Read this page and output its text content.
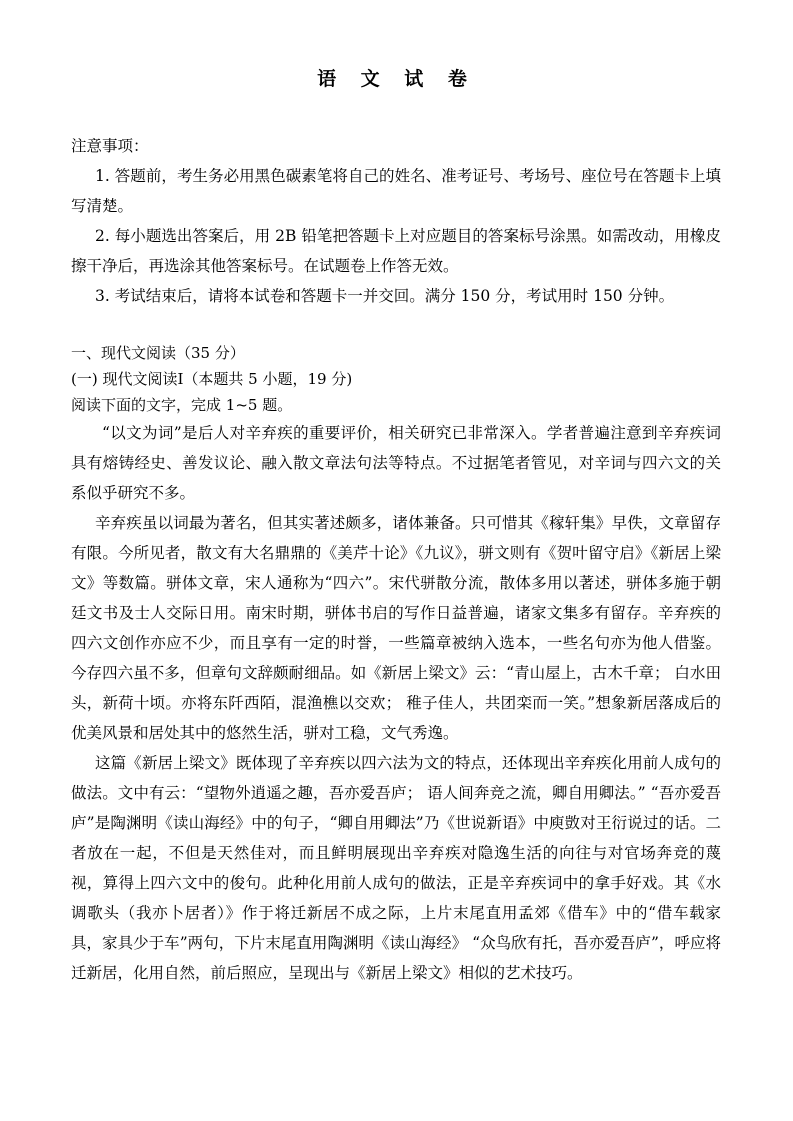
语 文 试 卷
注意事项：
1. 答题前，考生务必用黑色碳素笔将自己的姓名、准考证号、考场号、座位号在答题卡上填写清楚。
2. 每小题选出答案后，用 2B 铅笔把答题卡上对应题目的答案标号涂黑。如需改动，用橡皮擦干净后，再选涂其他答案标号。在试题卷上作答无效。
3. 考试结束后，请将本试卷和答题卡一并交回。满分 150 分，考试用时 150 分钟。
一、现代文阅读（35 分）
(一) 现代文阅读Ⅰ（本题共 5 小题，19 分)
阅读下面的文字，完成 1~5 题。
“以文为词”是后人对辛弃疾的重要评价，相关研究已非常深入。学者普遍注意到辛弃疾词具有熔铸经史、善发议论、融入散文章法句法等特点。不过据笔者管见，对辛词与四六文的关系似乎研究不多。
辛弃疾虽以词最为著名，但其实著述颇多，诸体兼备。只可惜其《稼轩集》早佚，文章留存有限。今所见者，散文有大名鼎鼎的《美芹十论》《九议》，骈文则有《贺叶留守启》《新居上梁文》等数篇。骈体文章，宋人通称为“四六”。宋代骈散分流，散体多用以著述，骈体多施于朝廷文书及士人交际日用。南宋时期，骈体书启的写作日益普遍，诸家文集多有留存。辛弃疾的四六文创作亦应不少，而且享有一定的时誉，一些篇章被纳入选本，一些名句亦为他人借鉴。今存四六虽不多，但章句文辞颇耐细品。如《新居上梁文》云：“青山屋上，古木千章； 白水田头，新荷十顷。亦将东阡西陌，混渔樵以交欢； 稚子佳人，共团栾而一笑。”想象新居落成后的优美风景和居处其中的悠然生活，骈对工稳，文气秀逸。
这篇《新居上梁文》既体现了辛弃疾以四六法为文的特点，还体现出辛弃疾化用前人成句的做法。文中有云：“望物外逍遥之趣，吾亦爱吾庐； 语人间奔竞之流，卿自用卿法。” “吾亦爱吾庐”是陶渊明《读山海经》中的句子，“卿自用卿法”乃《世说新语》中庾敳对王衍说过的话。二者放在一起，不但是天然佳对，而且鲜明展现出辛弃疾对隐逸生活的向往与对官场奔竞的蔑视，算得上四六文中的俊句。此种化用前人成句的做法，正是辛弃疾词中的拿手好戏。其《水调歌头（我亦卜居者）》作于将迁新居不成之际，上片末尾直用孟郊《借车》中的“借车载家具，家具少于车”两句，下片末尾直用陶渊明《读山海经》 “众鸟欣有托，吾亦爱吾庐”，呼应将迁新居，化用自然，前后照应，呈现出与《新居上梁文》相似的艺术技巧。
